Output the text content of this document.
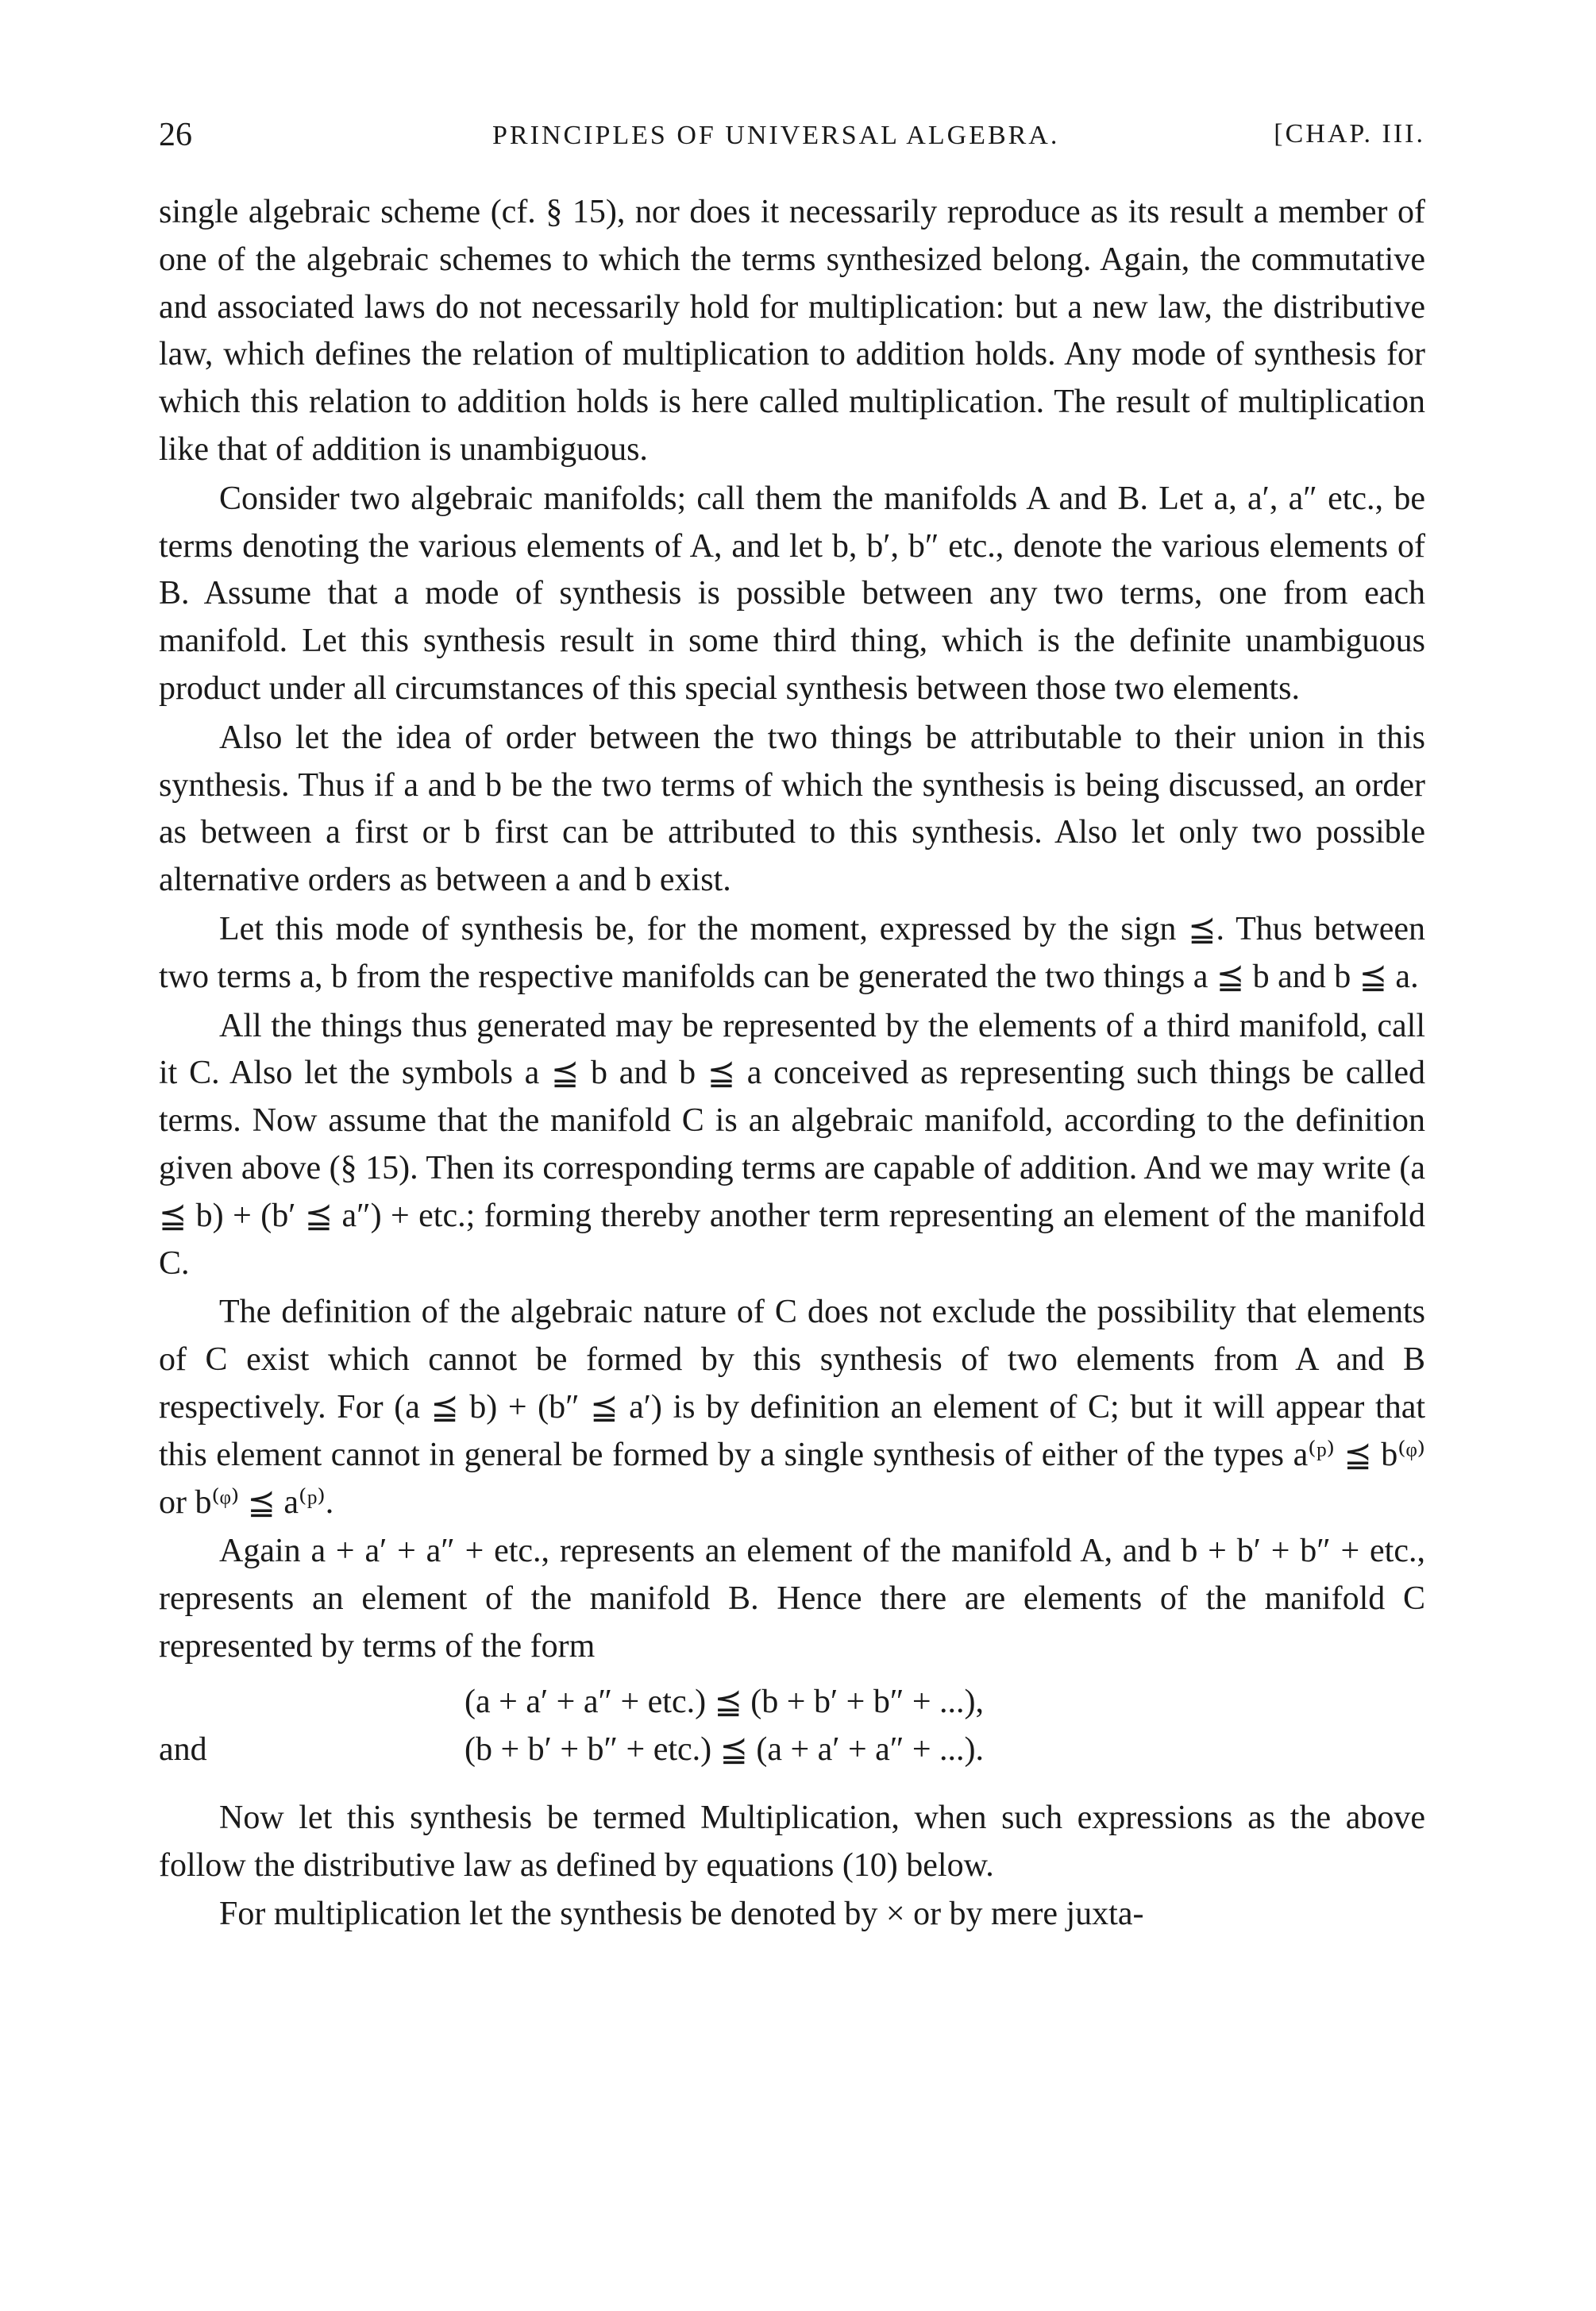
26	PRINCIPLES OF UNIVERSAL ALGEBRA.	[CHAP. III.

single algebraic scheme (cf. § 15), nor does it necessarily reproduce as its result a member of one of the algebraic schemes to which the terms synthesized belong. Again, the commutative and associated laws do not necessarily hold for multiplication: but a new law, the distributive law, which defines the relation of multiplication to addition holds. Any mode of synthesis for which this relation to addition holds is here called multiplication. The result of multiplication like that of addition is unambiguous.

Consider two algebraic manifolds; call them the manifolds A and B. Let a, a′, a″ etc., be terms denoting the various elements of A, and let b, b′, b″ etc., denote the various elements of B. Assume that a mode of synthesis is possible between any two terms, one from each manifold. Let this synthesis result in some third thing, which is the definite unambiguous product under all circumstances of this special synthesis between those two elements.

Also let the idea of order between the two things be attributable to their union in this synthesis. Thus if a and b be the two terms of which the synthesis is being discussed, an order as between a first or b first can be attributed to this synthesis. Also let only two possible alternative orders as between a and b exist.

Let this mode of synthesis be, for the moment, expressed by the sign ⪳. Thus between two terms a, b from the respective manifolds can be generated the two things a ⪳ b and b ⪳ a.

All the things thus generated may be represented by the elements of a third manifold, call it C. Also let the symbols a ⪳ b and b ⪳ a conceived as representing such things be called terms. Now assume that the manifold C is an algebraic manifold, according to the definition given above (§ 15). Then its corresponding terms are capable of addition. And we may write (a ⪳ b) + (b′ ⪳ a″) + etc.; forming thereby another term representing an element of the manifold C.

The definition of the algebraic nature of C does not exclude the possibility that elements of C exist which cannot be formed by this synthesis of two elements from A and B respectively. For (a ⪳ b) + (b″ ⪳ a′) is by definition an element of C; but it will appear that this element cannot in general be formed by a single synthesis of either of the types a⁽ᵖ⁾ ⪳ b⁽ᵠ⁾ or b⁽ᵠ⁾ ⪳ a⁽ᵖ⁾.

Again a + a′ + a″ + etc., represents an element of the manifold A, and b + b′ + b″ + etc., represents an element of the manifold B. Hence there are elements of the manifold C represented by terms of the form

(a + a′ + a″ + etc.) ⪳ (b + b′ + b″ + ...),
and	(b + b′ + b″ + etc.) ⪳ (a + a′ + a″ + ...).

Now let this synthesis be termed Multiplication, when such expressions as the above follow the distributive law as defined by equations (10) below.

For multiplication let the synthesis be denoted by × or by mere juxta-
